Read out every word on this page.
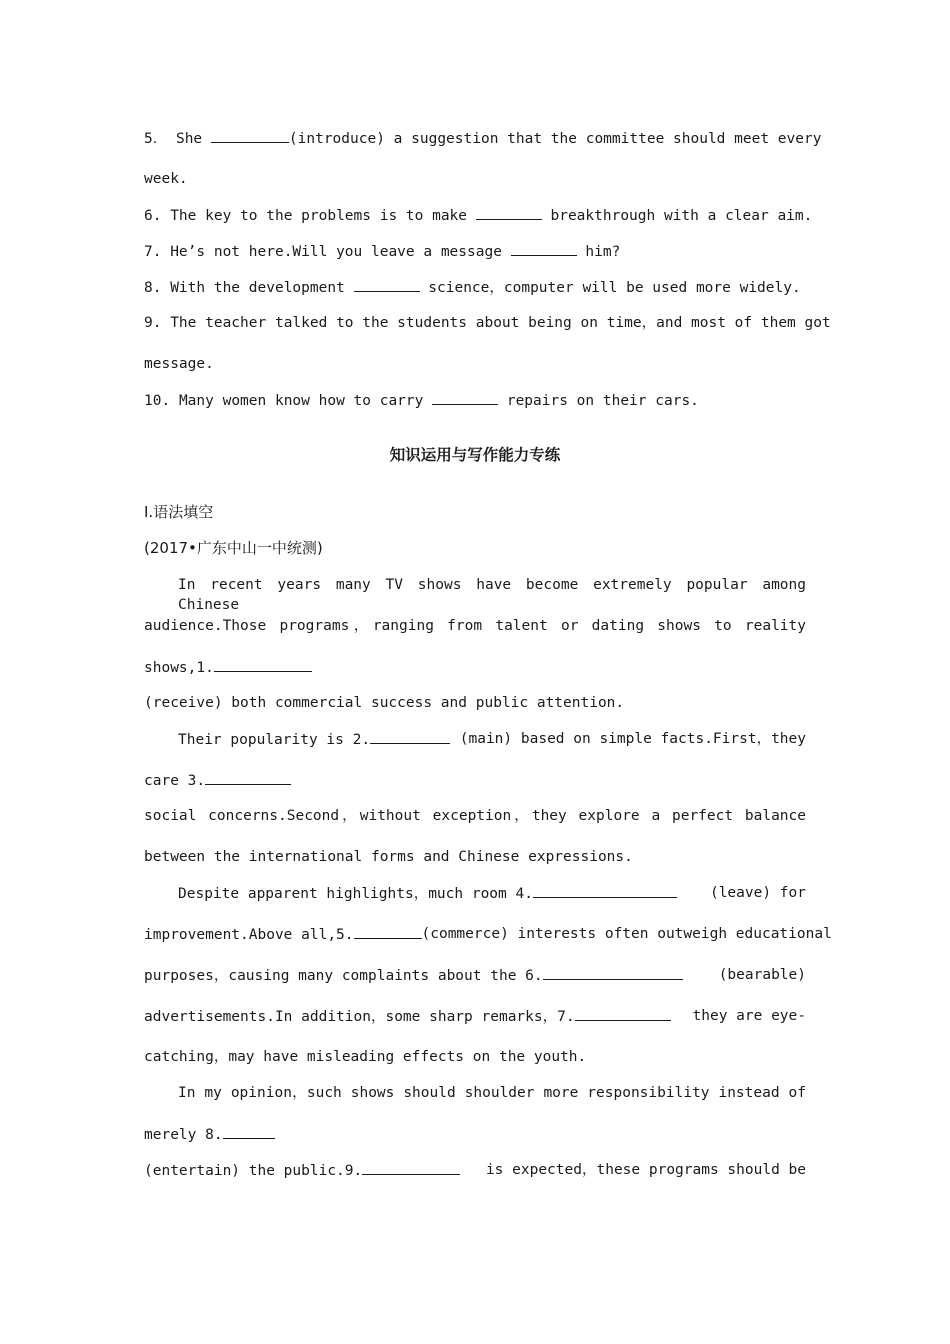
5． She	(introduce) a suggestion that the committee should meet every
week.
6. The key to the problems is to make	breakthrough with a clear aim.
7. He’s not here.Will you leave a message	him?
8. With the development	science，computer will be used more widely.
9. The teacher talked to the students about being on time，and most of them got
message.
10. Many women know how to carry	repairs on their cars.
知识运用与写作能力专练
Ⅰ.语法填空
(2017•广东中山一中统测)
In recent years many TV shows have become extremely popular among Chinese
audience.Those programs，ranging from talent or dating shows to reality
shows,1.
(receive) both commercial success and public attention.
Their popularity is 2.	(main) based on simple facts.First，they
care 3.
social concerns.Second，without exception，they explore a perfect balance
between the international forms and Chinese expressions.
Despite apparent highlights，much room 4.	(leave) for
improvement.Above all,5.	(commerce) interests often outweigh educational
purposes，causing many complaints about the 6.	(bearable)
advertisements.In addition，some sharp remarks，7.	they are eye-
catching，may have misleading effects on the youth.
In my opinion，such shows should shoulder more responsibility instead of
merely 8.
(entertain) the public.9.	is expected，these programs should be
